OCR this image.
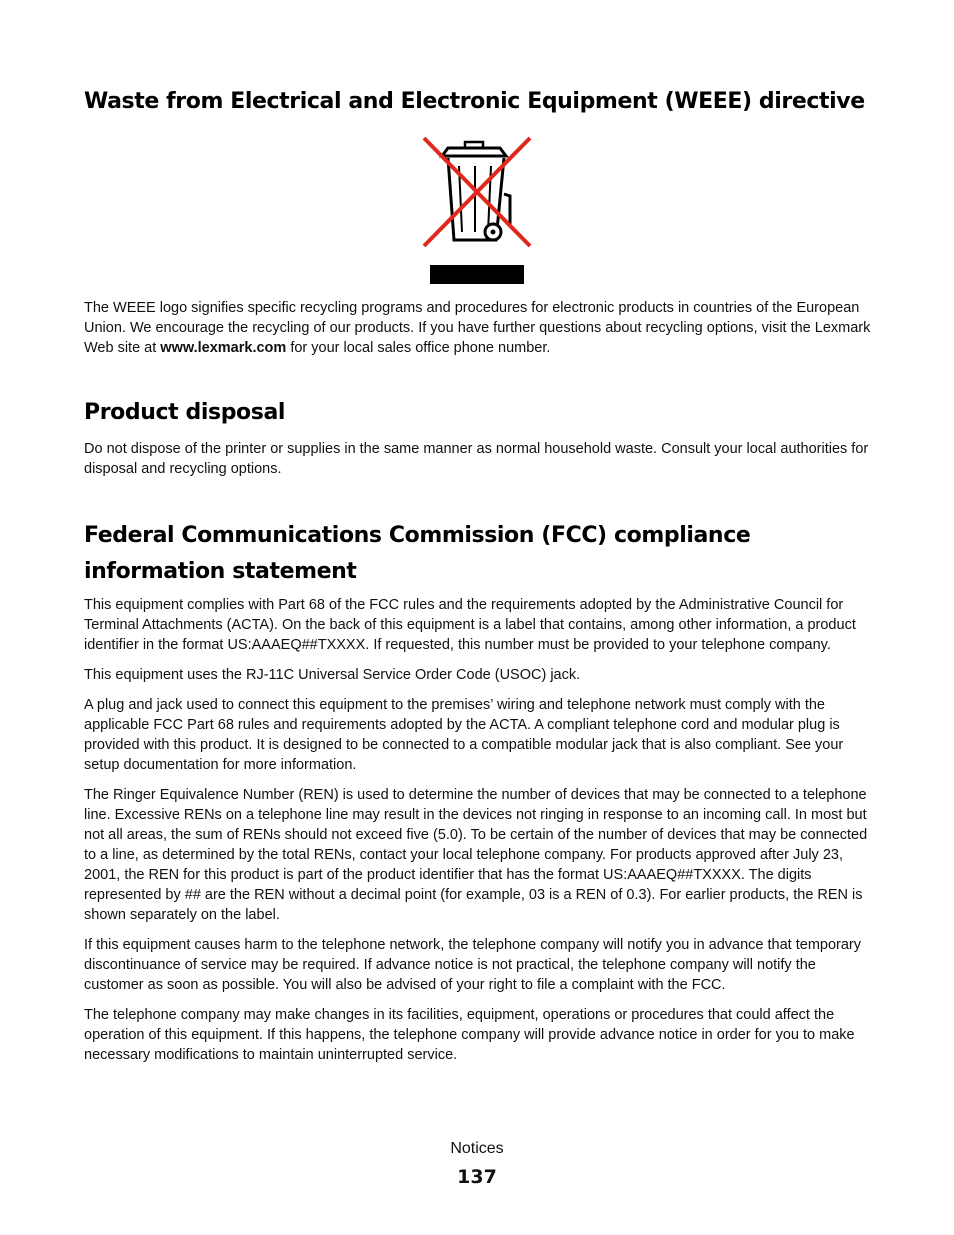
Waste from Electrical and Electronic Equipment (WEEE) directive

The WEEE logo signifies specific recycling programs and procedures for electronic products in countries of the European Union. We encourage the recycling of our products. If you have further questions about recycling options, visit the Lexmark Web site at www.lexmark.com for your local sales office phone number.

Product disposal

Do not dispose of the printer or supplies in the same manner as normal household waste. Consult your local authorities for disposal and recycling options.

Federal Communications Commission (FCC) compliance information statement

This equipment complies with Part 68 of the FCC rules and the requirements adopted by the Administrative Council for Terminal Attachments (ACTA). On the back of this equipment is a label that contains, among other information, a product identifier in the format US:AAAEQ##TXXXX. If requested, this number must be provided to your telephone company.

This equipment uses the RJ-11C Universal Service Order Code (USOC) jack.

A plug and jack used to connect this equipment to the premises’ wiring and telephone network must comply with the applicable FCC Part 68 rules and requirements adopted by the ACTA. A compliant telephone cord and modular plug is provided with this product. It is designed to be connected to a compatible modular jack that is also compliant. See your setup documentation for more information.

The Ringer Equivalence Number (REN) is used to determine the number of devices that may be connected to a telephone line. Excessive RENs on a telephone line may result in the devices not ringing in response to an incoming call. In most but not all areas, the sum of RENs should not exceed five (5.0). To be certain of the number of devices that may be connected to a line, as determined by the total RENs, contact your local telephone company. For products approved after July 23, 2001, the REN for this product is part of the product identifier that has the format US:AAAEQ##TXXXX. The digits represented by ## are the REN without a decimal point (for example, 03 is a REN of 0.3). For earlier products, the REN is shown separately on the label.

If this equipment causes harm to the telephone network, the telephone company will notify you in advance that temporary discontinuance of service may be required. If advance notice is not practical, the telephone company will notify the customer as soon as possible. You will also be advised of your right to file a complaint with the FCC.

The telephone company may make changes in its facilities, equipment, operations or procedures that could affect the operation of this equipment. If this happens, the telephone company will provide advance notice in order for you to make necessary modifications to maintain uninterrupted service.

Notices
137
